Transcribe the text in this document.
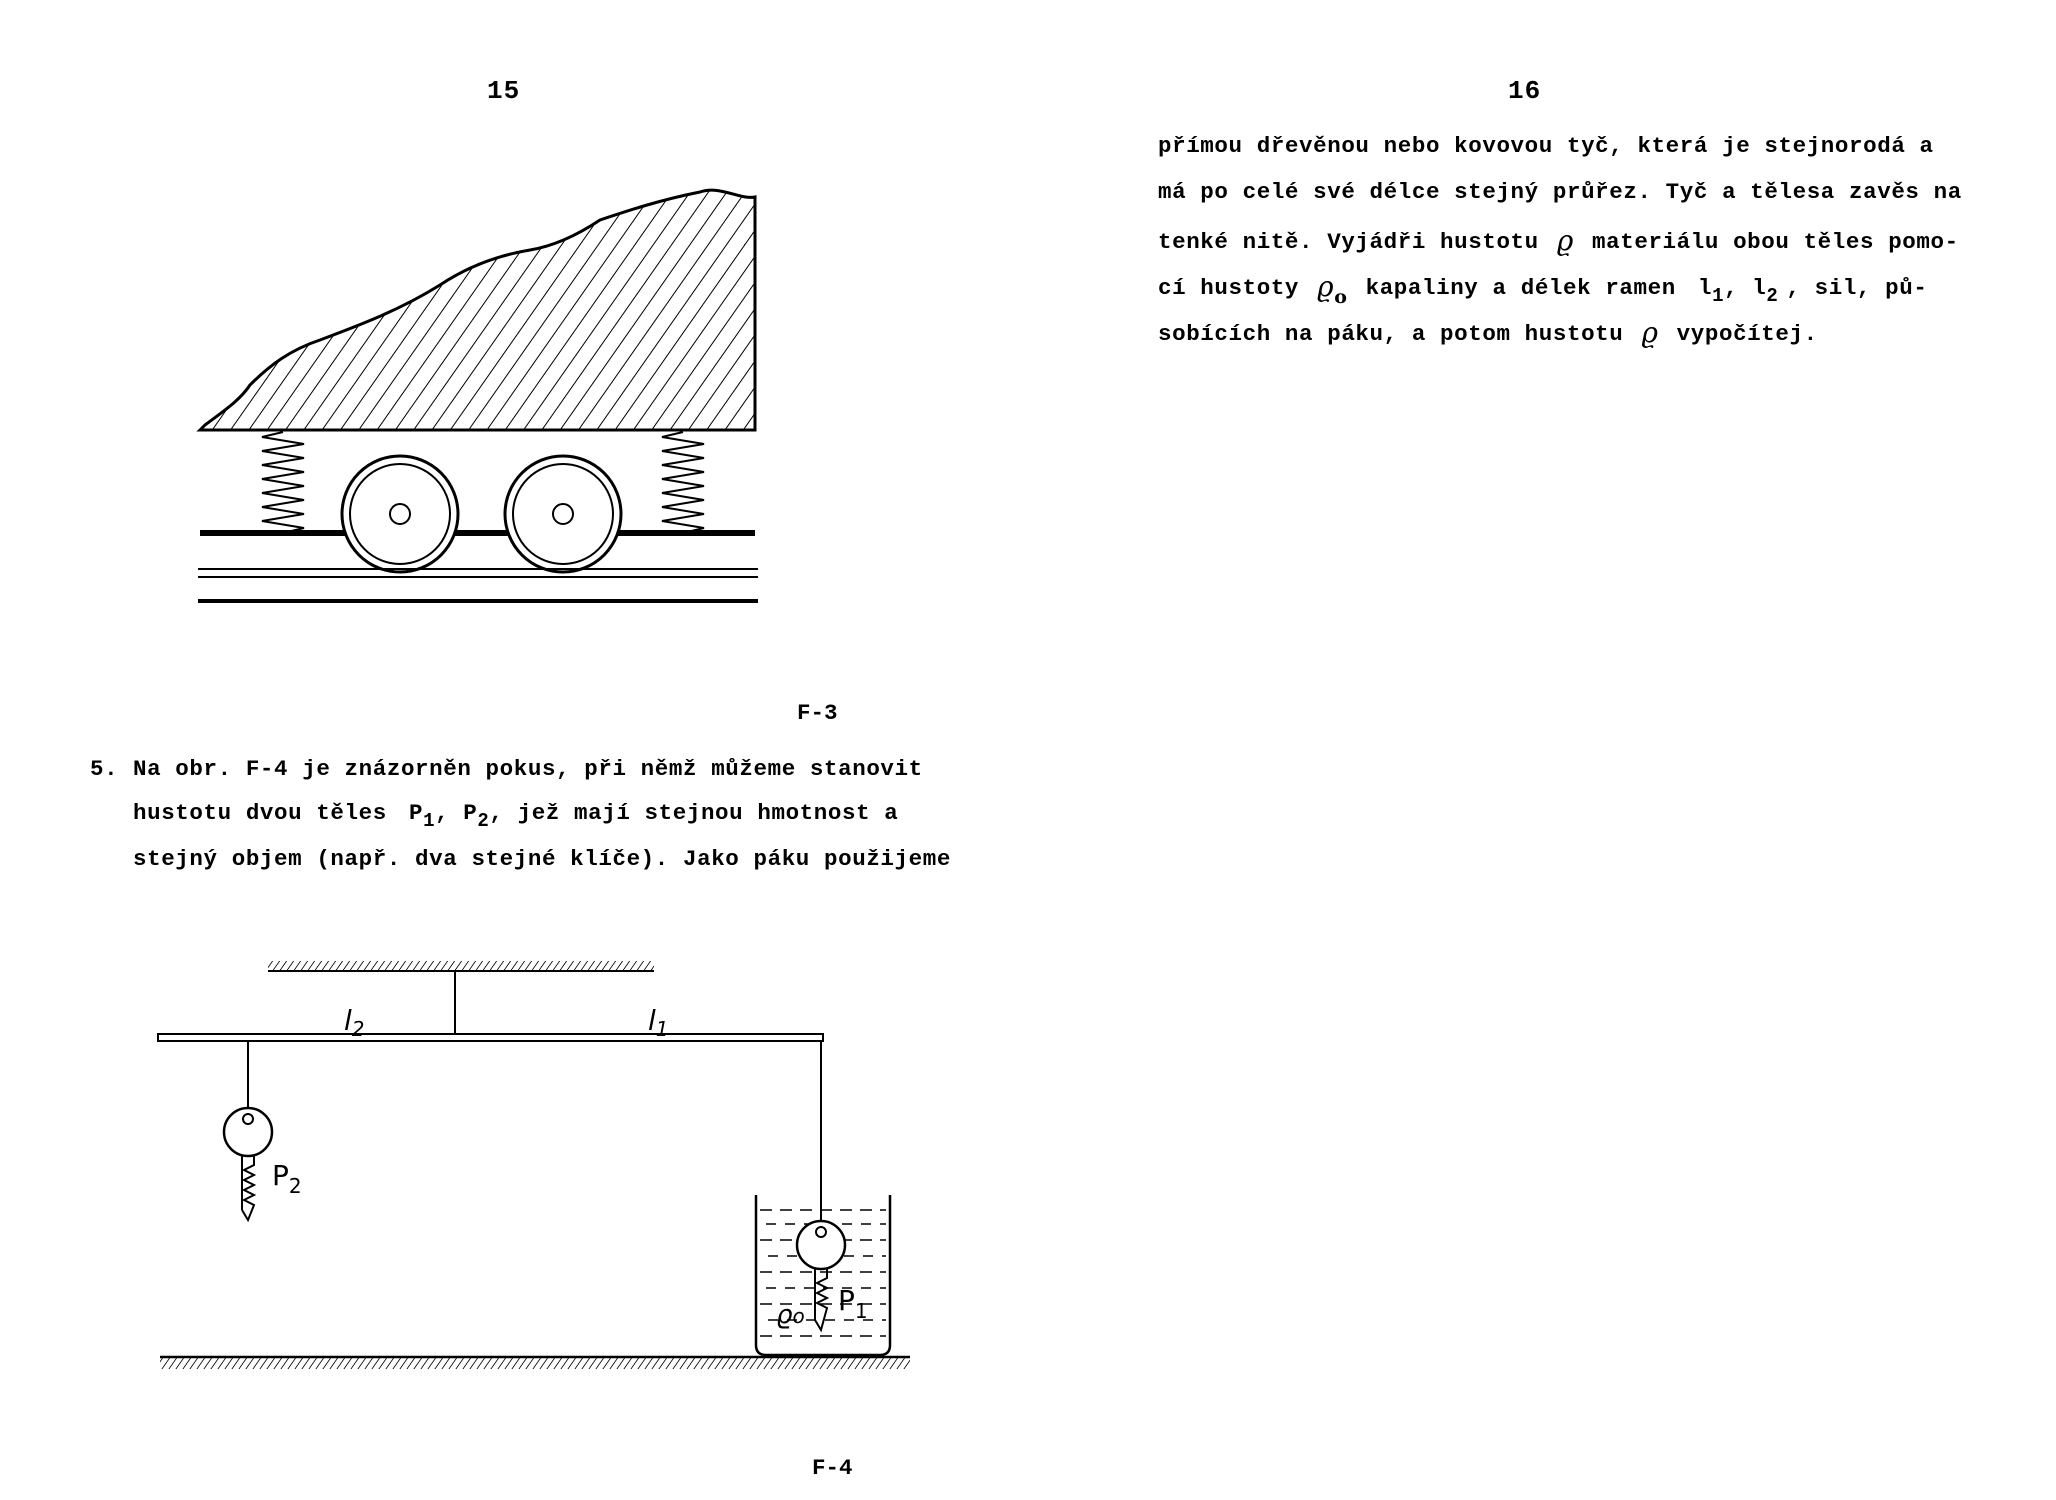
15
F-3
5. Na obr. F-4 je znázorněn pokus, při němž můžeme stanovit
hustotu dvou těles $P_1$, $P_2$, jež mají stejnou hmotnost a
stejný objem (např. dva stejné klíče). Jako páku použijeme
$l_2$	$l_1$
$P_2$
$P_1$
ϱo
F-4
16
přímou dřevěnou nebo kovovou tyč, která je stejnorodá a
má po celé své délce stejný průřez. Tyč a tělesa zavěs na
tenké nitě. Vyjádři hustotu ϱ materiálu obou těles pomo-
cí hustoty $ϱ_o$ kapaliny a délek ramen $l_1$, $l_2$ , sil, pů-
sobících na páku, a potom hustotu ϱ vypočítej.
